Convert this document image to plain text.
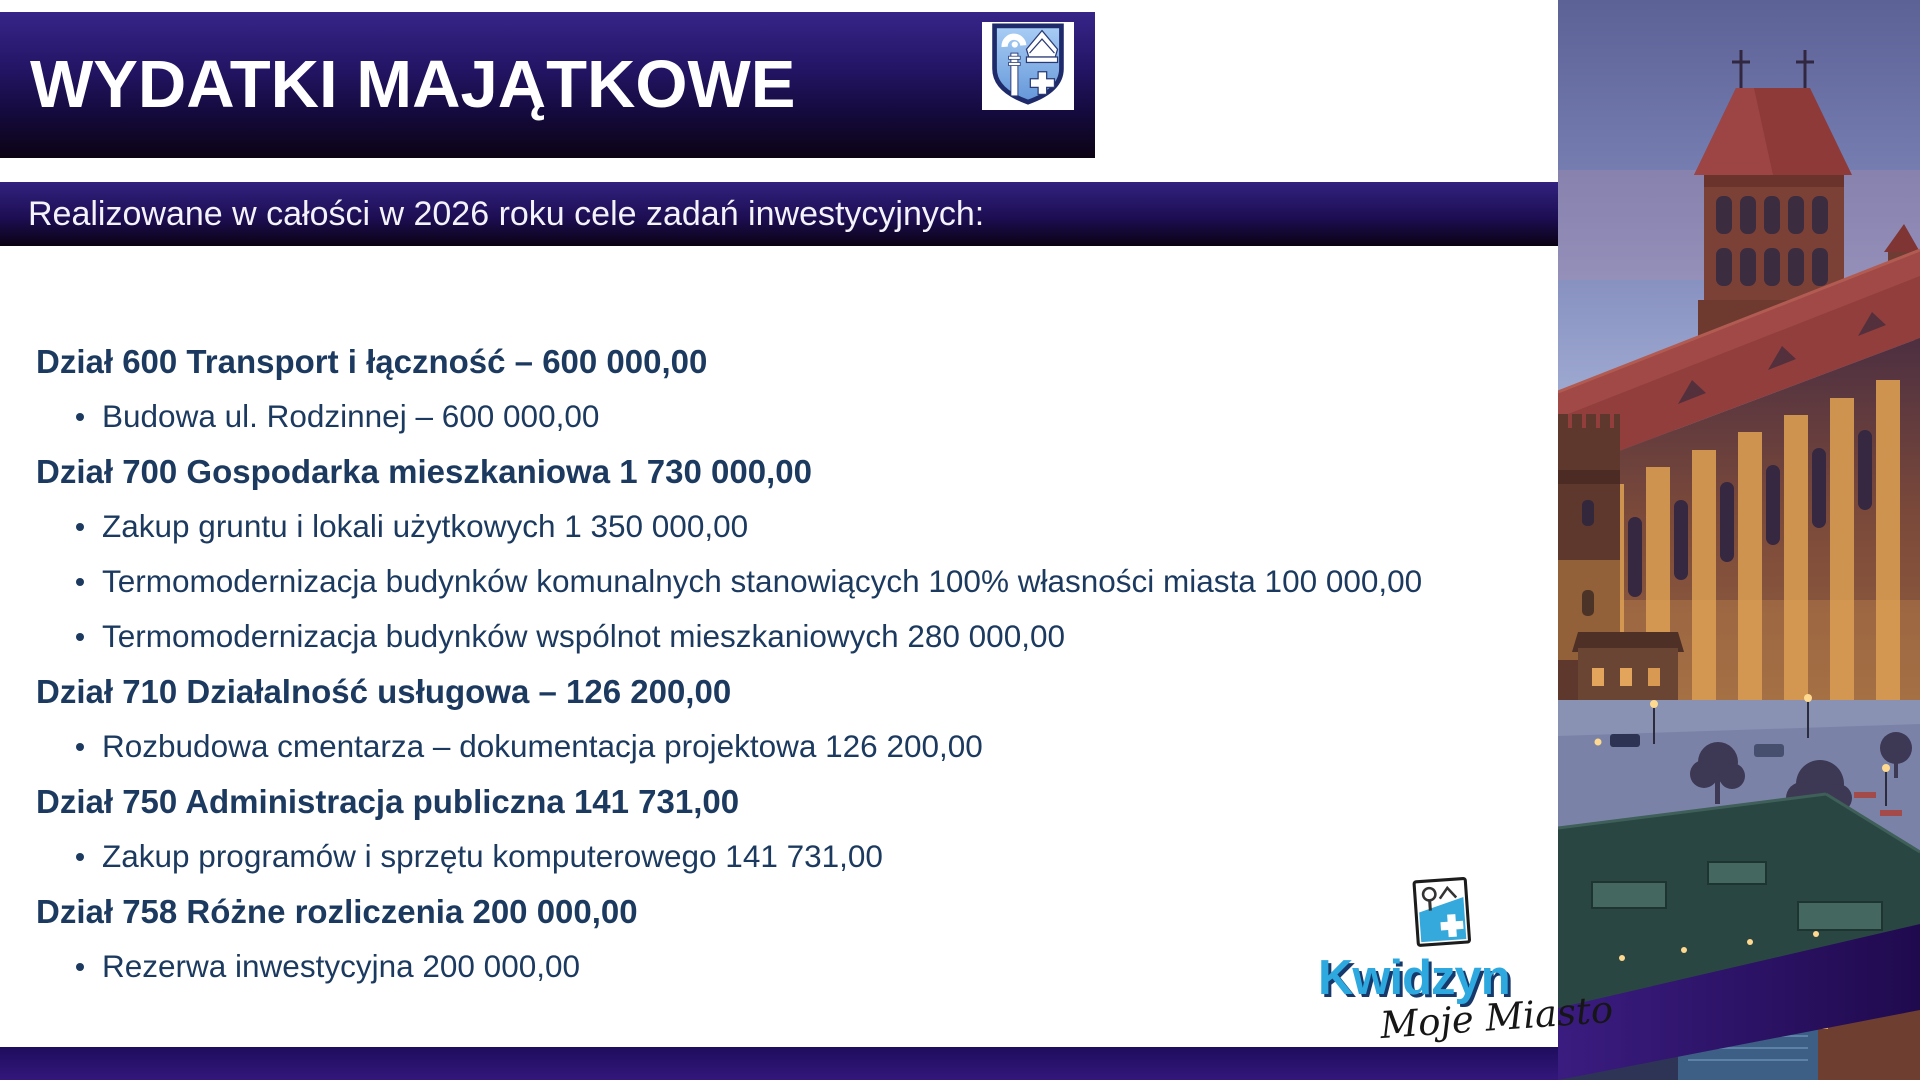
WYDATKI MAJĄTKOWE
Realizowane w całości w 2026 roku cele zadań inwestycyjnych:
Dział 600 Transport i łączność – 600 000,00
Budowa ul. Rodzinnej – 600 000,00
Dział 700 Gospodarka mieszkaniowa 1 730 000,00
Zakup gruntu i lokali użytkowych 1 350 000,00
Termomodernizacja budynków komunalnych stanowiących 100% własności miasta 100 000,00
Termomodernizacja budynków wspólnot mieszkaniowych 280 000,00
Dział 710 Działalność usługowa – 126 200,00
Rozbudowa cmentarza – dokumentacja projektowa 126 200,00
Dział 750 Administracja publiczna 141 731,00
Zakup programów i sprzętu komputerowego 141 731,00
Dział 758 Różne rozliczenia 200 000,00
Rezerwa inwestycyjna 200 000,00	Kwidzyn
Moje Miasto
